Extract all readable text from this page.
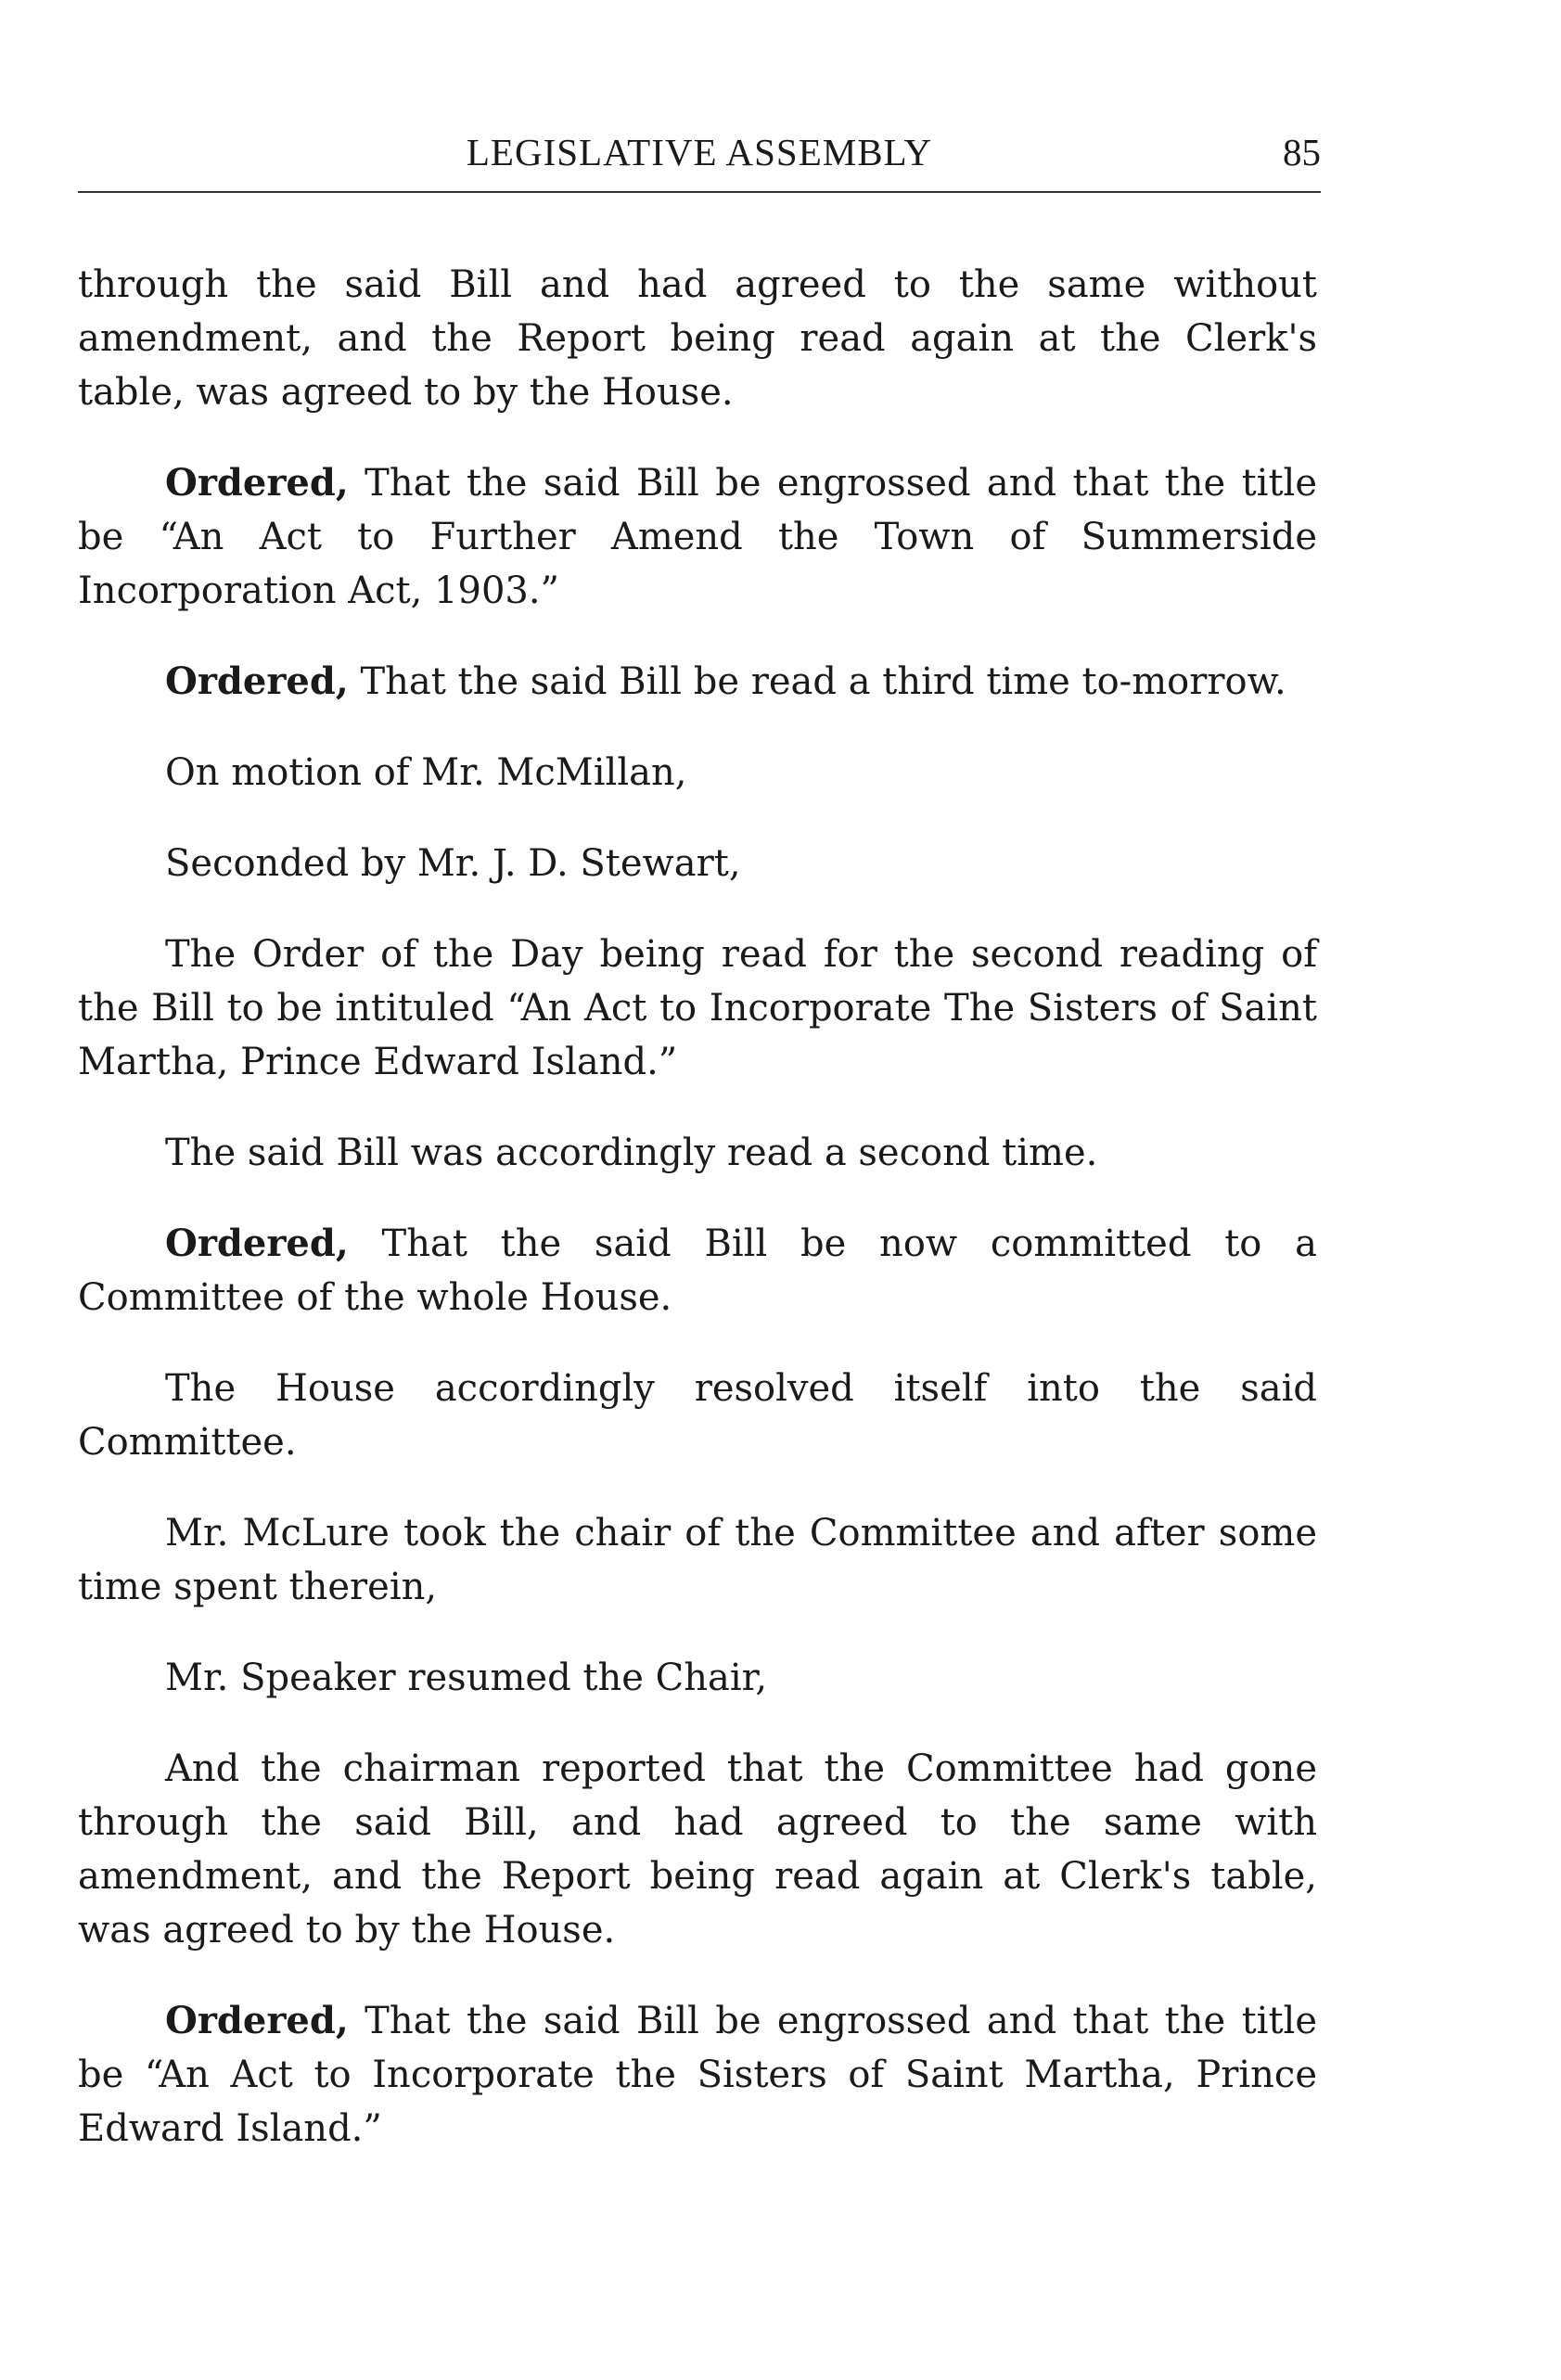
LEGISLATIVE ASSEMBLY	85

through the said Bill and had agreed to the same without amendment, and the Report being read again at the Clerk's table, was agreed to by the House.

Ordered, That the said Bill be engrossed and that the title be “An Act to Further Amend the Town of Summerside Incorporation Act, 1903.”

Ordered, That the said Bill be read a third time to-morrow.

On motion of Mr. McMillan,

Seconded by Mr. J. D. Stewart,

The Order of the Day being read for the second reading of the Bill to be intituled “An Act to Incorporate The Sisters of Saint Martha, Prince Edward Island.”

The said Bill was accordingly read a second time.

Ordered, That the said Bill be now committed to a Committee of the whole House.

The House accordingly resolved itself into the said Committee.

Mr. McLure took the chair of the Committee and after some time spent therein,

Mr. Speaker resumed the Chair,

And the chairman reported that the Committee had gone through the said Bill, and had agreed to the same with amendment, and the Report being read again at Clerk's table, was agreed to by the House.

Ordered, That the said Bill be engrossed and that the title be “An Act to Incorporate the Sisters of Saint Martha, Prince Edward Island.”
